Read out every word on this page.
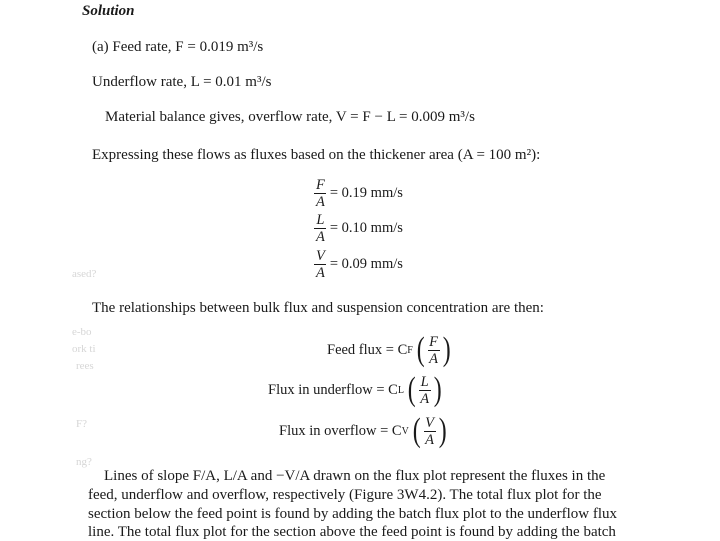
Solution
(a) Feed rate, F = 0.019 m³/s
Underflow rate, L = 0.01 m³/s
Material balance gives, overflow rate, V = F − L = 0.009 m³/s
Expressing these flows as fluxes based on the thickener area (A = 100 m²):
$\frac{F}{A} = 0.19$ mm/s
$\frac{L}{A} = 0.10$ mm/s
$\frac{V}{A} = 0.09$ mm/s
The relationships between bulk flux and suspension concentration are then:
Feed flux = C F ( $\frac{F}{A}$ )
Flux in underflow = C L ( $\frac{L}{A}$ )
Flux in overflow = C V ( $\frac{V}{A}$ )
Lines of slope F/A, L/A and −V/A drawn on the flux plot represent the fluxes in the
feed, underflow and overflow, respectively (Figure 3W4.2). The total flux plot for the
section below the feed point is found by adding the batch flux plot to the underflow flux
line. The total flux plot for the section above the feed point is found by adding the batch
ased?
e-bo
ork ti
rees
F?
ng?
